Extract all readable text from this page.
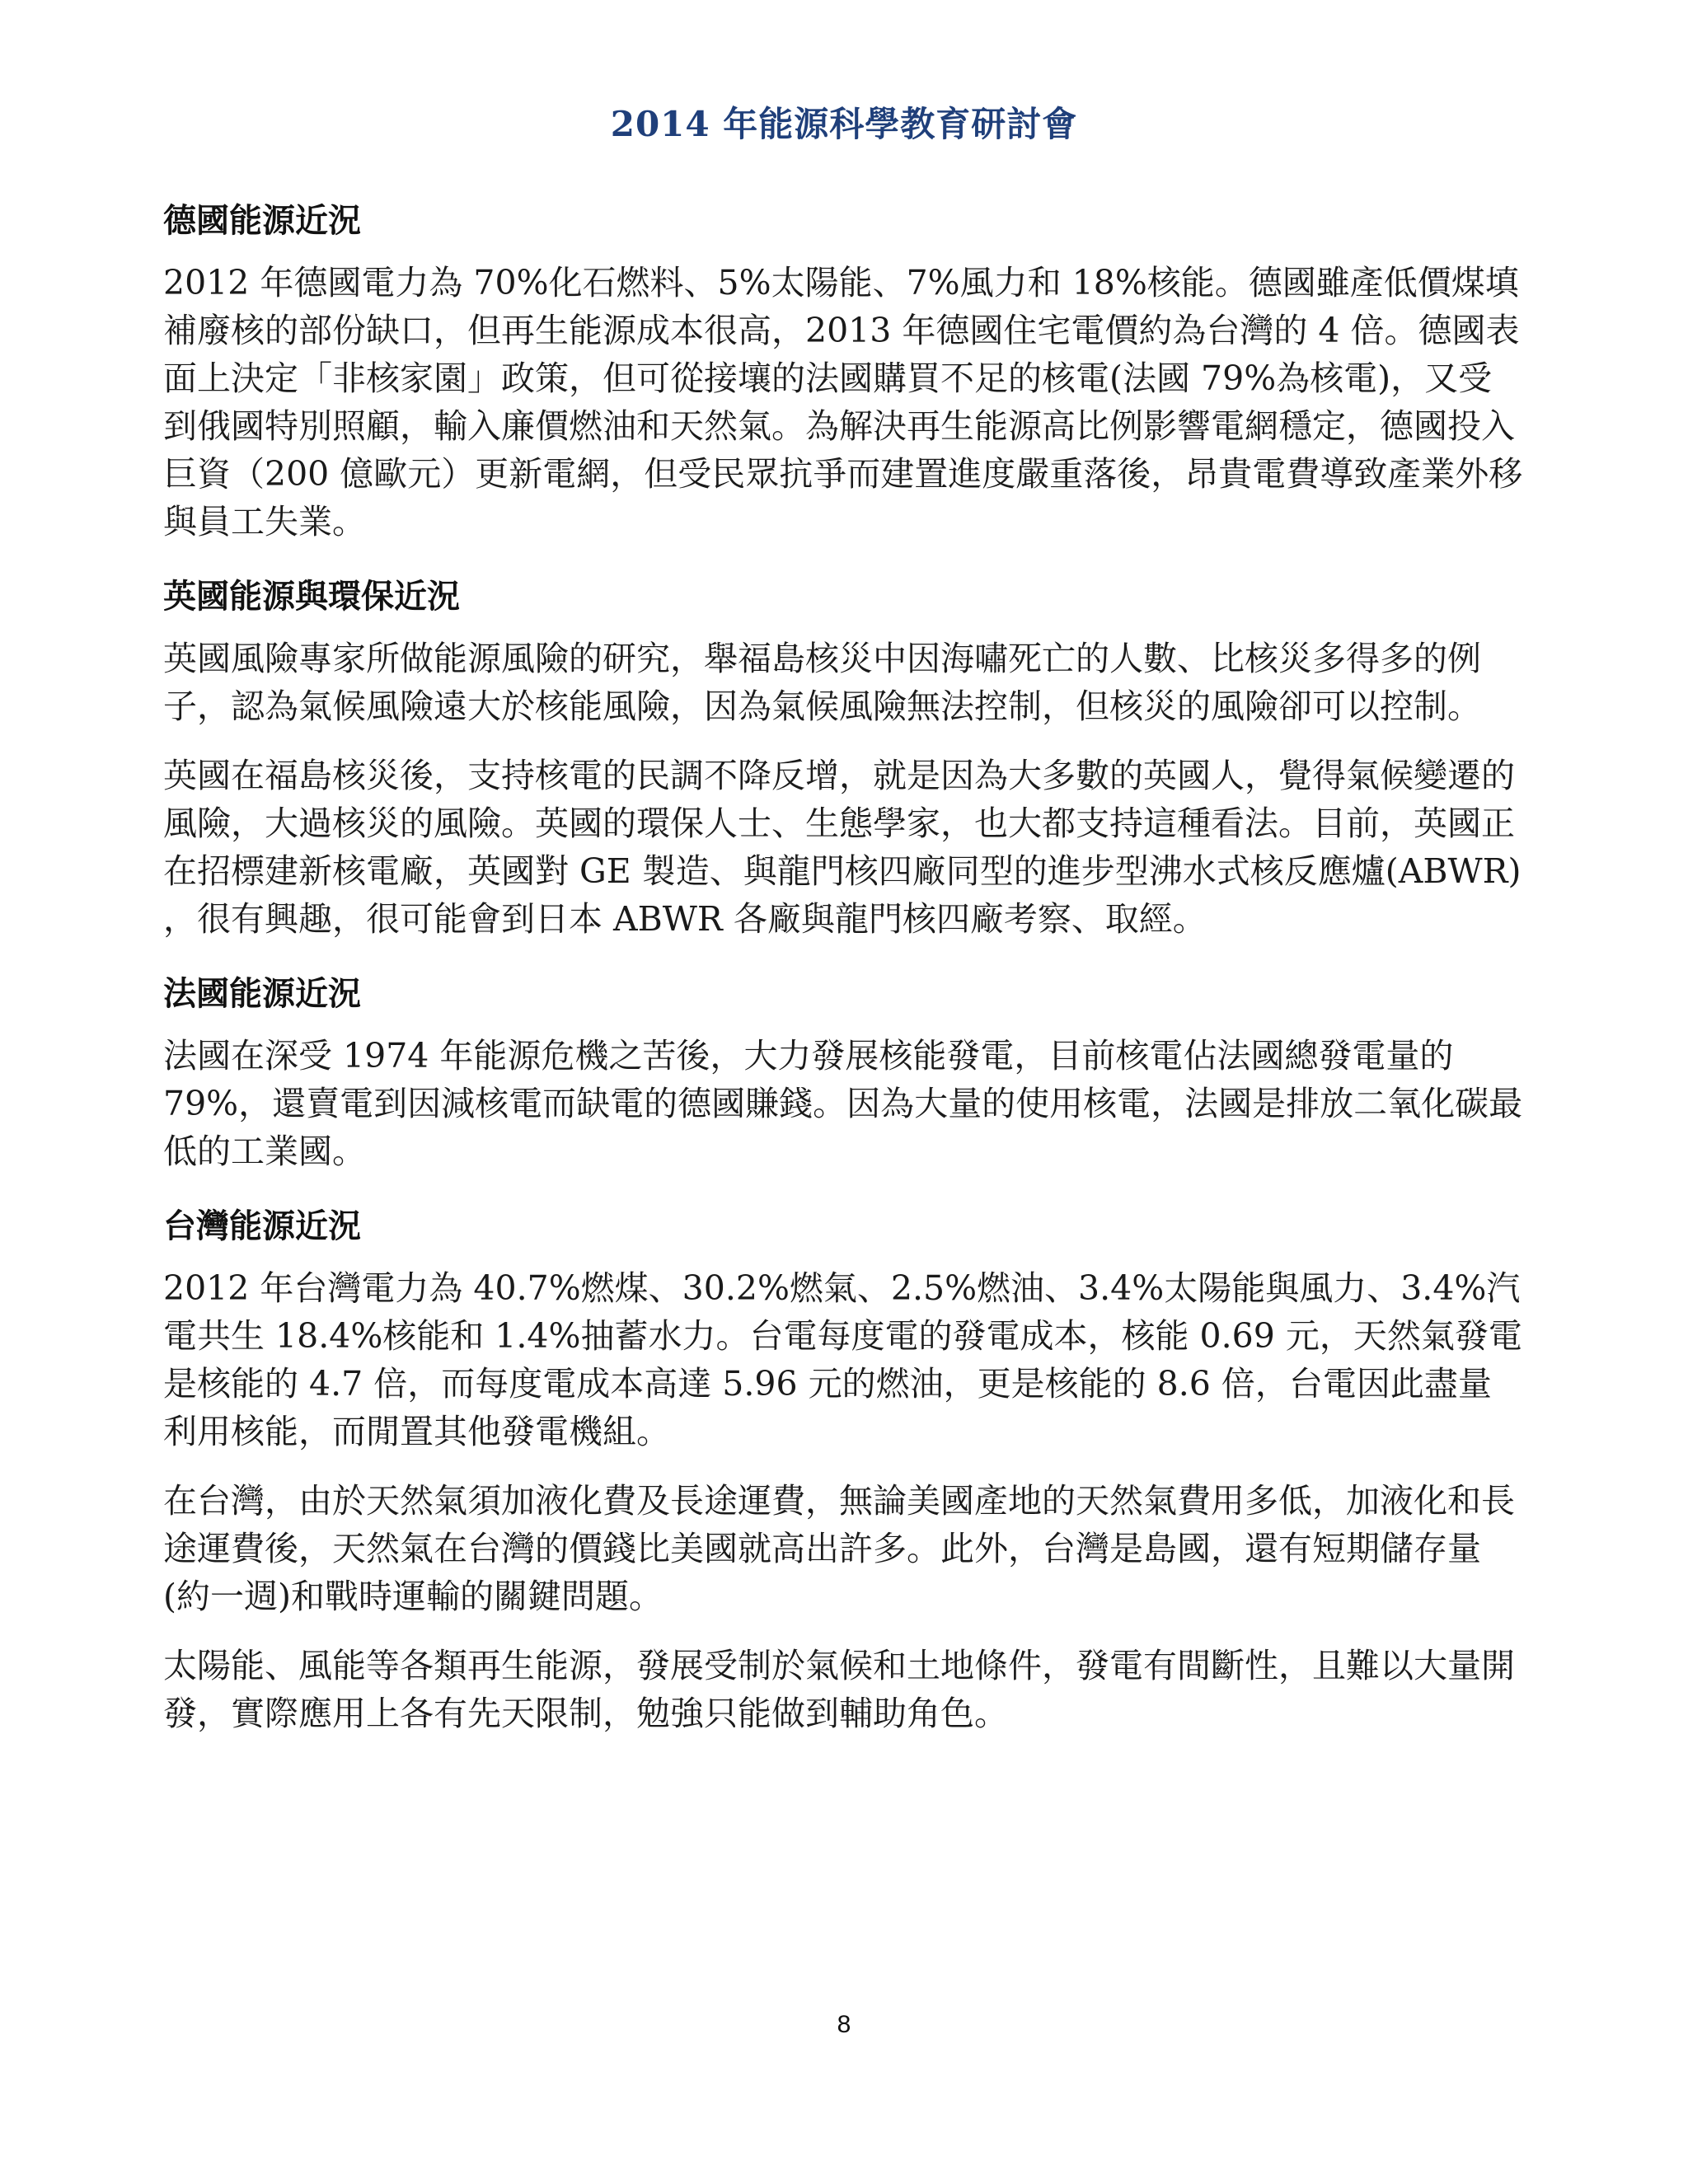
2014 年能源科學教育研討會
德國能源近況

2012 年德國電力為 70%化石燃料、5%太陽能、7%風力和 18%核能。德國雖產低價煤填補廢核的部份缺口，但再生能源成本很高，2013 年德國住宅電價約為台灣的 4 倍。德國表面上決定「非核家園」政策，但可從接壤的法國購買不足的核電(法國 79%為核電)，又受到俄國特別照顧，輸入廉價燃油和天然氣。為解決再生能源高比例影響電網穩定，德國投入巨資（200 億歐元）更新電網，但受民眾抗爭而建置進度嚴重落後，昂貴電費導致產業外移與員工失業。

英國能源與環保近況

英國風險專家所做能源風險的研究，舉福島核災中因海嘯死亡的人數、比核災多得多的例子，認為氣候風險遠大於核能風險，因為氣候風險無法控制，但核災的風險卻可以控制。

英國在福島核災後，支持核電的民調不降反增，就是因為大多數的英國人，覺得氣候變遷的風險，大過核災的風險。英國的環保人士、生態學家，也大都支持這種看法。目前，英國正在招標建新核電廠，英國對 GE 製造、與龍門核四廠同型的進步型沸水式核反應爐(ABWR) ，很有興趣，很可能會到日本 ABWR 各廠與龍門核四廠考察、取經。

法國能源近況

法國在深受 1974 年能源危機之苦後，大力發展核能發電，目前核電佔法國總發電量的 79%，還賣電到因減核電而缺電的德國賺錢。因為大量的使用核電，法國是排放二氧化碳最低的工業國。

台灣能源近況

2012 年台灣電力為 40.7%燃煤、30.2%燃氣、2.5%燃油、3.4%太陽能與風力、3.4%汽電共生 18.4%核能和 1.4%抽蓄水力。台電每度電的發電成本，核能 0.69 元，天然氣發電是核能的 4.7 倍，而每度電成本高達 5.96 元的燃油，更是核能的 8.6 倍，台電因此盡量利用核能，而閒置其他發電機組。

在台灣，由於天然氣須加液化費及長途運費，無論美國產地的天然氣費用多低，加液化和長途運費後，天然氣在台灣的價錢比美國就高出許多。此外，台灣是島國，還有短期儲存量(約一週)和戰時運輸的關鍵問題。

太陽能、風能等各類再生能源，發展受制於氣候和土地條件，發電有間斷性，且難以大量開發，實際應用上各有先天限制，勉強只能做到輔助角色。

8
